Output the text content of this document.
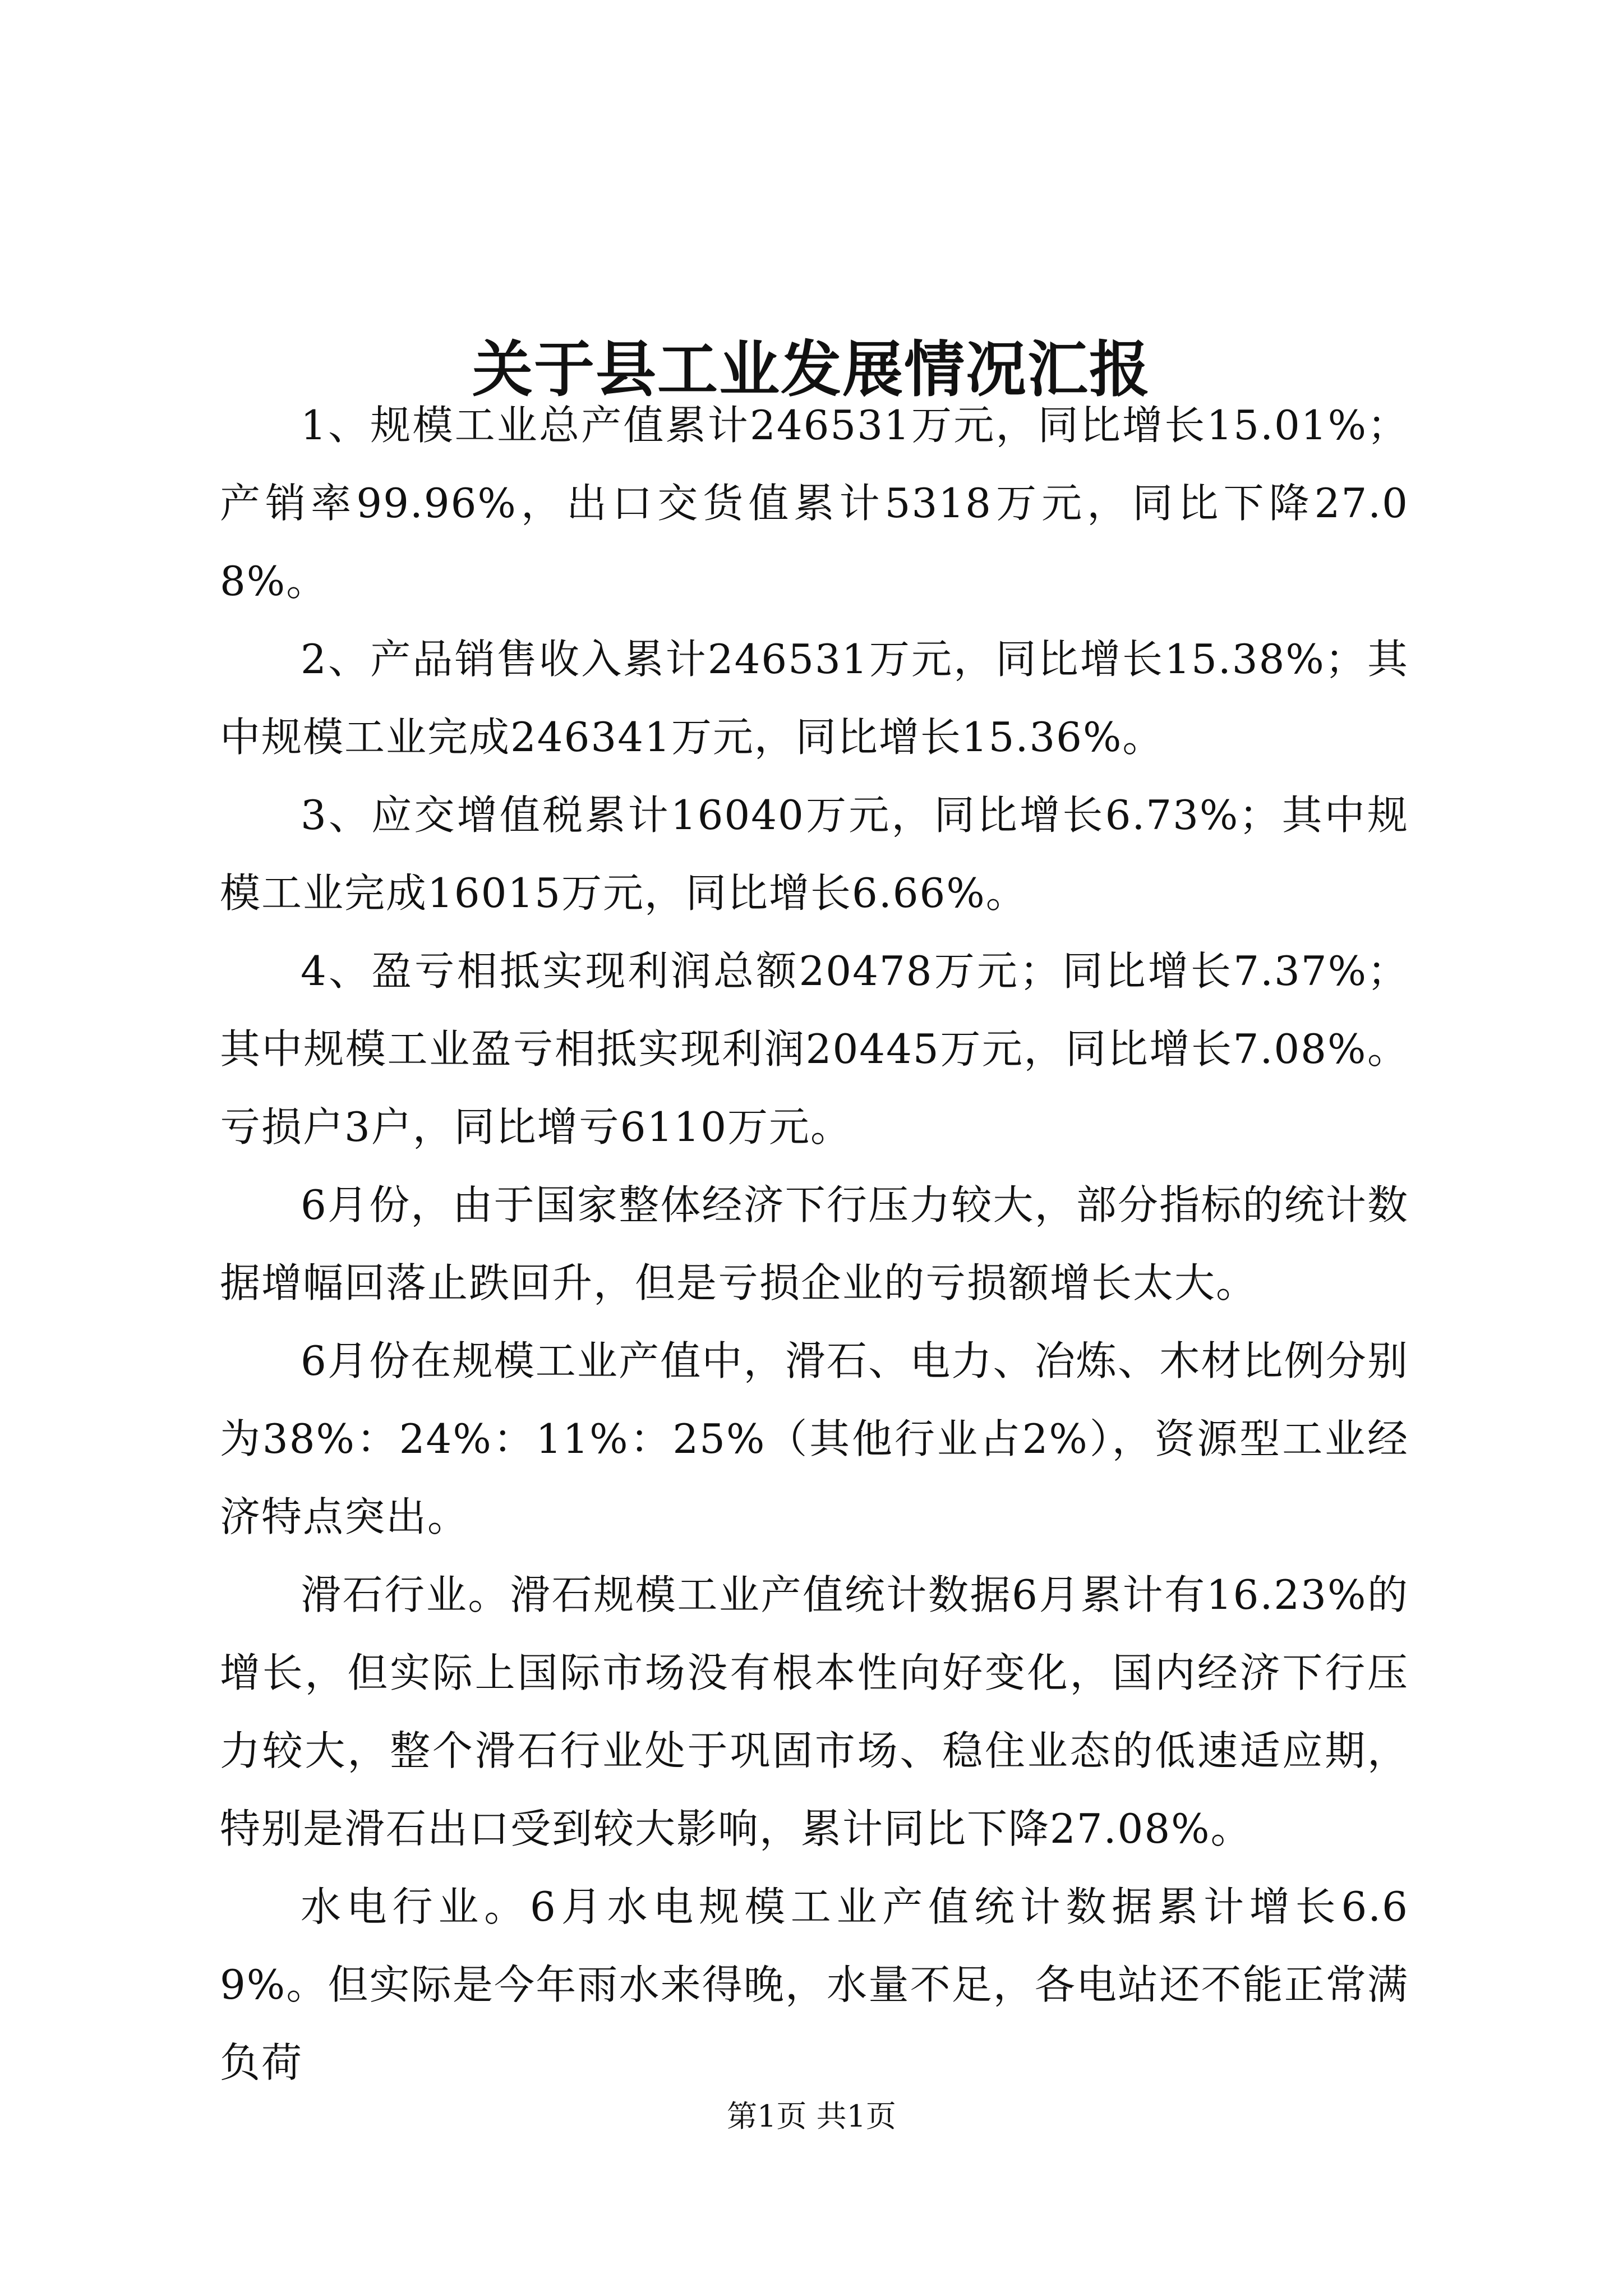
关于县工业发展情况汇报

1、规模工业总产值累计246531万元，同比增长15.01%；产销率99.96%，出口交货值累计5318万元，同比下降27.08%。

2、产品销售收入累计246531万元，同比增长15.38%；其中规模工业完成246341万元，同比增长15.36%。

3、应交增值税累计16040万元，同比增长6.73%；其中规模工业完成16015万元，同比增长6.66%。

4、盈亏相抵实现利润总额20478万元；同比增长7.37%；其中规模工业盈亏相抵实现利润20445万元，同比增长7.08%。亏损户3户，同比增亏6110万元。

6月份，由于国家整体经济下行压力较大，部分指标的统计数据增幅回落止跌回升，但是亏损企业的亏损额增长太大。

6月份在规模工业产值中，滑石、电力、冶炼、木材比例分别为38%：24%：11%：25%（其他行业占2%），资源型工业经济特点突出。

滑石行业。滑石规模工业产值统计数据6月累计有16.23%的增长，但实际上国际市场没有根本性向好变化，国内经济下行压力较大，整个滑石行业处于巩固市场、稳住业态的低速适应期，特别是滑石出口受到较大影响，累计同比下降27.08%。

水电行业。6月水电规模工业产值统计数据累计增长6.69%。但实际是今年雨水来得晚，水量不足，各电站还不能正常满负荷

第1页 共1页
